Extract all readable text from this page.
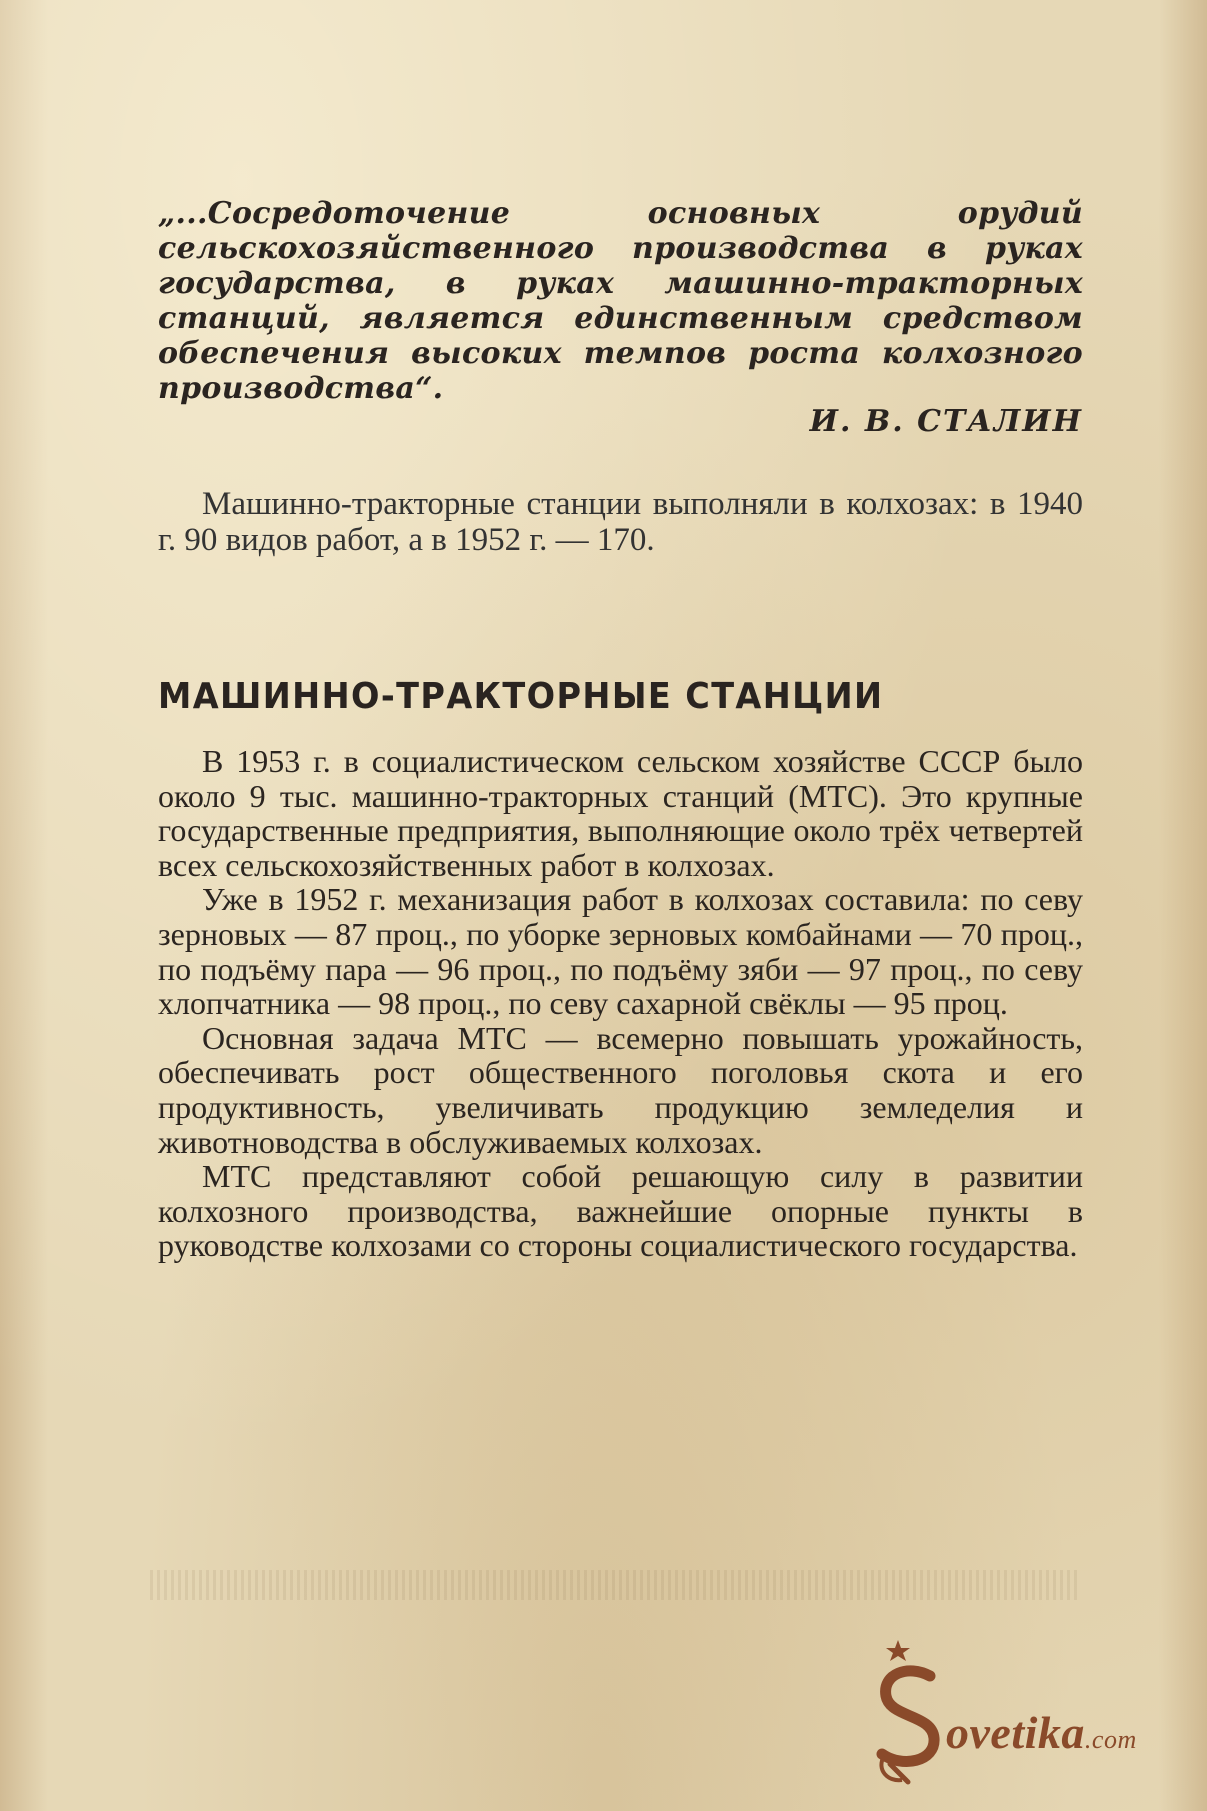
„...Сосредоточение основных орудий сельскохозяйственного производства в руках государства, в руках машинно-тракторных станций, является единственным средством обеспечения высоких темпов роста колхозного производства“.
И. В. СТАЛИН

Машинно-тракторные станции выполняли в колхозах: в 1940 г. 90 видов работ, а в 1952 г. — 170.

МАШИННО-ТРАКТОРНЫЕ СТАНЦИИ

В 1953 г. в социалистическом сельском хозяйстве СССР было около 9 тыс. машинно-тракторных станций (МТС). Это крупные государственные предприятия, выполняющие около трёх четвертей всех сельскохозяйственных работ в колхозах.

Уже в 1952 г. механизация работ в колхозах составила: по севу зерновых — 87 проц., по уборке зерновых комбайнами — 70 проц., по подъёму пара — 96 проц., по подъёму зяби — 97 проц., по севу хлопчатника — 98 проц., по севу сахарной свёклы — 95 проц.

Основная задача МТС — всемерно повышать урожайность, обеспечивать рост общественного поголовья скота и его продуктивность, увеличивать продукцию земледелия и животноводства в обслуживаемых колхозах.

МТС представляют собой решающую силу в развитии колхозного производства, важнейшие опорные пункты в руководстве колхозами со стороны социалистического государства.

ovetika.com
